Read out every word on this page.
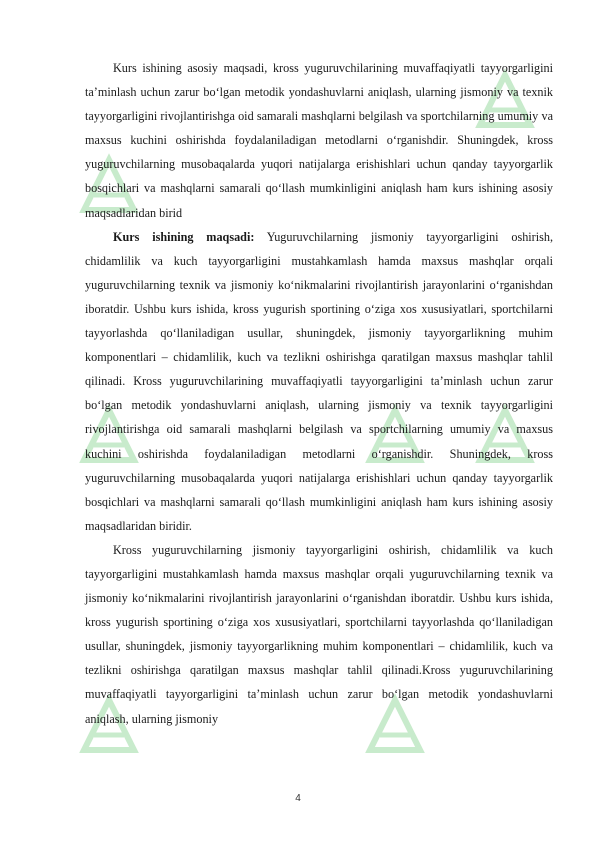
Kurs ishining asosiy maqsadi, kross yuguruvchilarining muvaffaqiyatli tayyorgarligini ta’minlash uchun zarur bo‘lgan metodik yondashuvlarni aniqlash, ularning jismoniy va texnik tayyorgarligini rivojlantirishga oid samarali mashqlarni belgilash va sportchilarning umumiy va maxsus kuchini oshirishda foydalaniladigan metodlarni o‘rganishdir. Shuningdek, kross yuguruvchilarning musobaqalarda yuqori natijalarga erishishlari uchun qanday tayyorgarlik bosqichlari va mashqlarni samarali qo‘llash mumkinligini aniqlash ham kurs ishining asosiy maqsadlaridan birid

Kurs ishining maqsadi: Yuguruvchilarning jismoniy tayyorgarligini oshirish, chidamlilik va kuch tayyorgarligini mustahkamlash hamda maxsus mashqlar orqali yuguruvchilarning texnik va jismoniy ko‘nikmalarini rivojlantirish jarayonlarini o‘rganishdan iboratdir. Ushbu kurs ishida, kross yugurish sportining o‘ziga xos xususiyatlari, sportchilarni tayyorlashda qo‘llaniladigan usullar, shuningdek, jismoniy tayyorgarlikning muhim komponentlari – chidamlilik, kuch va tezlikni oshirishga qaratilgan maxsus mashqlar tahlil qilinadi. Kross yuguruvchilarining muvaffaqiyatli tayyorgarligini ta’minlash uchun zarur bo‘lgan metodik yondashuvlarni aniqlash, ularning jismoniy va texnik tayyorgarligini rivojlantirishga oid samarali mashqlarni belgilash va sportchilarning umumiy va maxsus kuchini oshirishda foydalaniladigan metodlarni o‘rganishdir. Shuningdek, kross yuguruvchilarning musobaqalarda yuqori natijalarga erishishlari uchun qanday tayyorgarlik bosqichlari va mashqlarni samarali qo‘llash mumkinligini aniqlash ham kurs ishining asosiy maqsadlaridan biridir.

Kross yuguruvchilarning jismoniy tayyorgarligini oshirish, chidamlilik va kuch tayyorgarligini mustahkamlash hamda maxsus mashqlar orqali yuguruvchilarning texnik va jismoniy ko‘nikmalarini rivojlantirish jarayonlarini o‘rganishdan iboratdir. Ushbu kurs ishida, kross yugurish sportining o‘ziga xos xususiyatlari, sportchilarni tayyorlashda qo‘llaniladigan usullar, shuningdek, jismoniy tayyorgarlikning muhim komponentlari – chidamlilik, kuch va tezlikni oshirishga qaratilgan maxsus mashqlar tahlil qilinadi.Kross yuguruvchilarining muvaffaqiyatli tayyorgarligini ta’minlash uchun zarur bo‘lgan metodik yondashuvlarni aniqlash, ularning jismoniy

4
